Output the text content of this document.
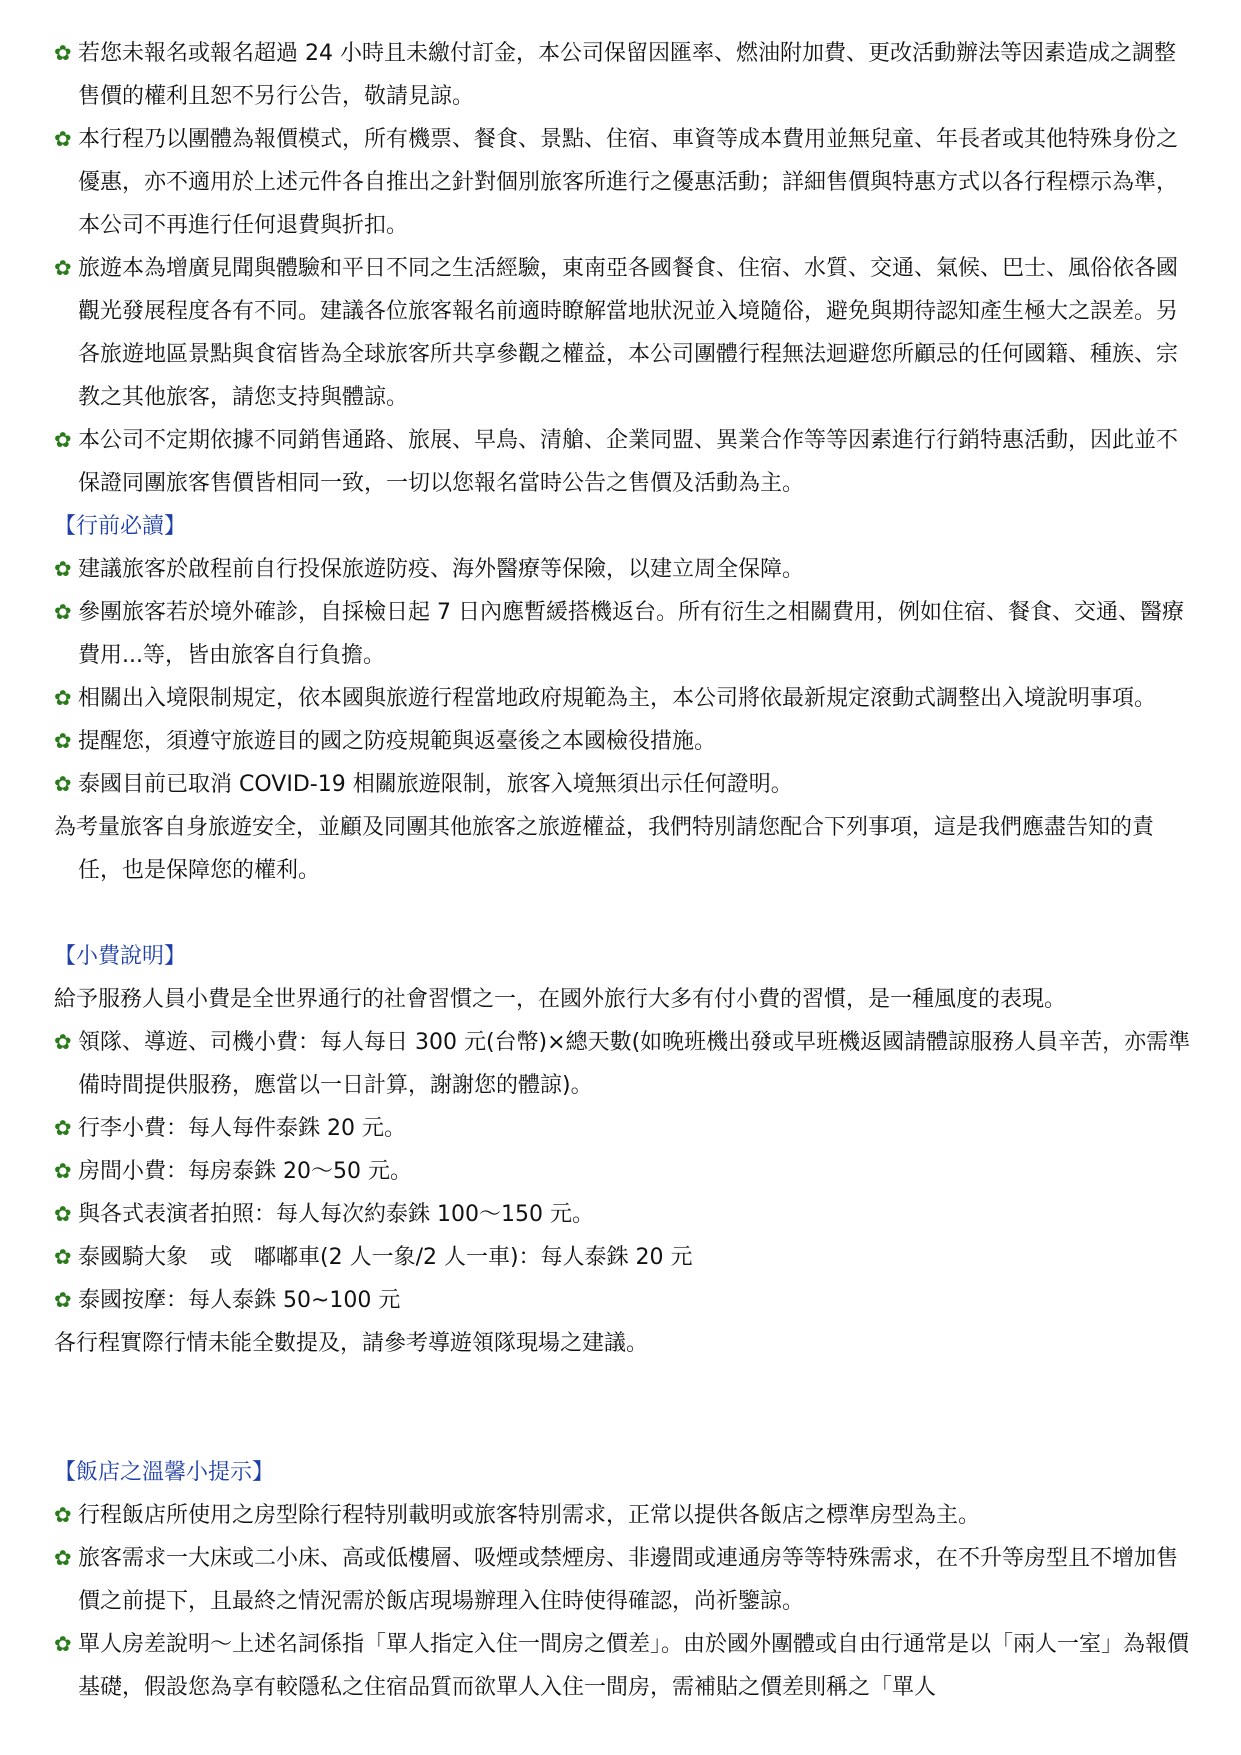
✿ 若您未報名或報名超過 24 小時且未繳付訂金，本公司保留因匯率、燃油附加費、更改活動辦法等因素造成之調整售價的權利且恕不另行公告，敬請見諒。
✿ 本行程乃以團體為報價模式，所有機票、餐食、景點、住宿、車資等成本費用並無兒童、年長者或其他特殊身份之優惠，亦不適用於上述元件各自推出之針對個別旅客所進行之優惠活動；詳細售價與特惠方式以各行程標示為準，本公司不再進行任何退費與折扣。
✿ 旅遊本為增廣見聞與體驗和平日不同之生活經驗，東南亞各國餐食、住宿、水質、交通、氣候、巴士、風俗依各國觀光發展程度各有不同。建議各位旅客報名前適時瞭解當地狀況並入境隨俗，避免與期待認知產生極大之誤差。另各旅遊地區景點與食宿皆為全球旅客所共享參觀之權益，本公司團體行程無法迴避您所顧忌的任何國籍、種族、宗教之其他旅客，請您支持與體諒。
✿ 本公司不定期依據不同銷售通路、旅展、早鳥、清艙、企業同盟、異業合作等等因素進行行銷特惠活動，因此並不保證同團旅客售價皆相同一致，一切以您報名當時公告之售價及活動為主。
【行前必讀】
✿ 建議旅客於啟程前自行投保旅遊防疫、海外醫療等保險，以建立周全保障。
✿ 參團旅客若於境外確診，自採檢日起 7 日內應暫緩搭機返台。所有衍生之相關費用，例如住宿、餐食、交通、醫療費用...等，皆由旅客自行負擔。
✿ 相關出入境限制規定，依本國與旅遊行程當地政府規範為主，本公司將依最新規定滾動式調整出入境說明事項。
✿ 提醒您，須遵守旅遊目的國之防疫規範與返臺後之本國檢役措施。
✿ 泰國目前已取消 COVID-19 相關旅遊限制，旅客入境無須出示任何證明。
為考量旅客自身旅遊安全，並顧及同團其他旅客之旅遊權益，我們特別請您配合下列事項，這是我們應盡告知的責任，也是保障您的權利。
【小費說明】
給予服務人員小費是全世界通行的社會習慣之一，在國外旅行大多有付小費的習慣，是一種風度的表現。
✿ 領隊、導遊、司機小費：每人每日 300 元(台幣)×總天數(如晚班機出發或早班機返國請體諒服務人員辛苦，亦需準備時間提供服務，應當以一日計算，謝謝您的體諒)。
✿ 行李小費：每人每件泰銖 20 元。
✿ 房間小費：每房泰銖 20～50 元。
✿ 與各式表演者拍照：每人每次約泰銖 100～150 元。
✿ 泰國騎大象　或　嘟嘟車(2 人一象/2 人一車)：每人泰銖 20 元
✿ 泰國按摩：每人泰銖 50~100 元
各行程實際行情未能全數提及，請參考導遊領隊現場之建議。
【飯店之溫馨小提示】
✿ 行程飯店所使用之房型除行程特別載明或旅客特別需求，正常以提供各飯店之標準房型為主。
✿ 旅客需求一大床或二小床、高或低樓層、吸煙或禁煙房、非邊間或連通房等等特殊需求，在不升等房型且不增加售價之前提下，且最終之情況需於飯店現場辦理入住時使得確認，尚祈鑒諒。
✿ 單人房差說明～上述名詞係指「單人指定入住一間房之價差」。由於國外團體或自由行通常是以「兩人一室」為報價基礎，假設您為享有較隱私之住宿品質而欲單人入住一間房，需補貼之價差則稱之「單人
